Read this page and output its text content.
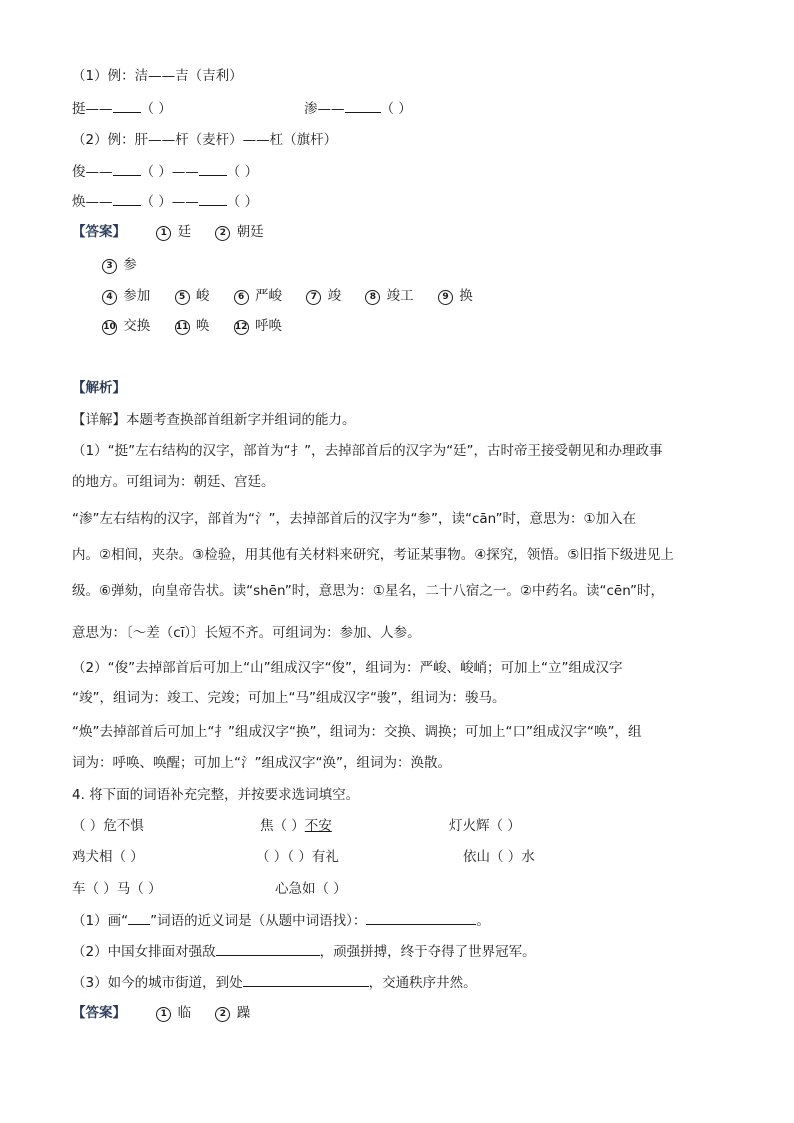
（1）例：洁——吉（吉利）
挺—— （ ）	渗——	（ ）
（2）例：肝——杆（麦杆）——杠（旗杆）
俊—— （ ）—— （ ）
焕—— （ ）—— （ ）
【答案】	1 廷	2 朝廷
3 参
4 参加	5 峻	6 严峻	7 竣	8 竣工	9 换
10 交换	11 唤	12 呼唤
【解析】
【详解】本题考查换部首组新字并组词的能力。
（1）“挺”左右结构的汉字，部首为“扌”，去掉部首后的汉字为“廷”，古时帝王接受朝见和办理政事
的地方。可组词为：朝廷、宫廷。
“渗”左右结构的汉字，部首为“氵”，去掉部首后的汉字为“参”，读“cān”时，意思为：①加入在
内。②相间，夹杂。③检验，用其他有关材料来研究，考证某事物。④探究，领悟。⑤旧指下级进见上
级。⑥弹劾，向皇帝告状。读“shēn”时，意思为：①星名，二十八宿之一。②中药名。读“cēn”时，
意思为：〔～差（cī）〕长短不齐。可组词为：参加、人参。
（2）“俊”去掉部首后可加上“山”组成汉字“俊”，组词为：严峻、峻峭；可加上“立”组成汉字
“竣”，组词为：竣工、完竣；可加上“马”组成汉字“骏”，组词为：骏马。
“焕”去掉部首后可加上“扌”组成汉字“换”，组词为：交换、调换；可加上“口”组成汉字“唤”，组
词为：呼唤、唤醒；可加上“氵”组成汉字“涣”，组词为：涣散。
4. 将下面的词语补充完整，并按要求选词填空。
（ ）危不惧	焦（ ）不安	灯火辉（ ）
鸡犬相（ ）	（ ）（ ）有礼	依山（ ）水
车（ ）马（ ）	心急如（ ）
（1）画“ ”词语的近义词是（从题中词语找）：	。
（2）中国女排面对强敌	，顽强拼搏，终于夺得了世界冠军。
（3）如今的城市街道，到处	，交通秩序井然。
【答案】	1 临	2 躁
